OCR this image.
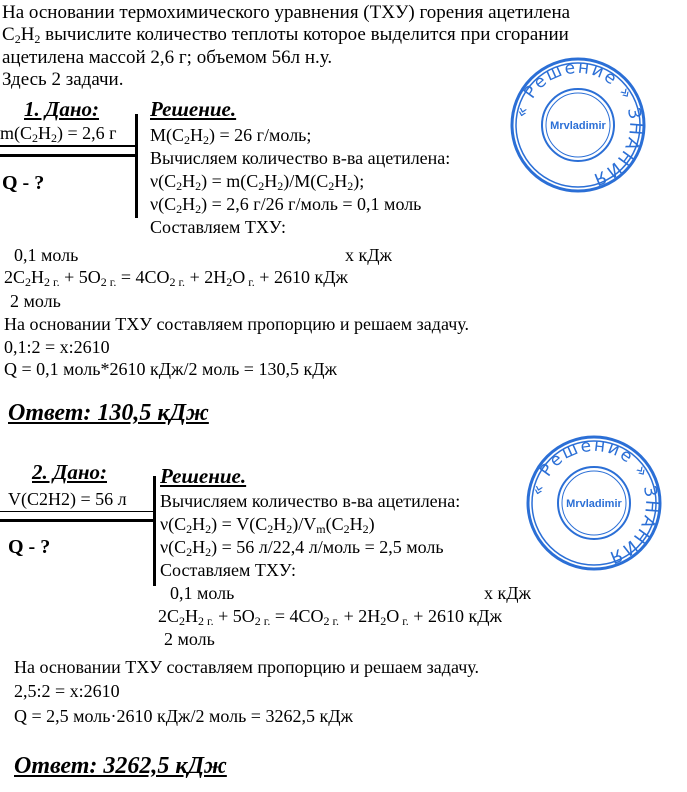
На основании термохимического уравнения (ТХУ) горения ацетилена
$C_2H_2$ вычислите количество теплоты которое выделится при сгорании
ацетилена массой 2,6 г; объемом 56л н.у.
Здесь 2 задачи.
1. Дано:
$m(C_2H_2) = 2,6$ г
Q - ?
Решение.
$M(C_2H_2) = 26$ г/моль;
Вычисляем количество в-ва ацетилена:
$\nu(C_2H_2) = m(C_2H_2)/M(C_2H_2)$;
$\nu(C_2H_2) = 2,6$ г/26 г/моль = 0,1 моль
Составляем ТХУ:
0,1 моль	x кДж
$2C_2H_{2 г.} + 5O_{2 г.} = 4CO_{2 г.} + 2H_2O$ $_{г.}$ + 2610 кДж
2 моль
На основании ТХУ составляем пропорцию и решаем задачу.
0,1:2 = x:2610
Q = 0,1 моль*2610 кДж/2 моль = 130,5 кДж
Ответ: 130,5 кДж
2. Дано:
V(C2H2) = 56 л
Q - ?
Решение.
Вычисляем количество в-ва ацетилена:
$\nu(C_2H_2) = V(C_2H_2)/V_m(C_2H_2)$
$\nu(C_2H_2) = 56$ л/22,4 л/моль = 2,5 моль
Составляем ТХУ:
0,1 моль	x кДж
$2C_2H_{2 г.} + 5O_{2 г.} = 4CO_{2 г.} + 2H_2O$ $_{г.}$ + 2610 кДж
2 моль
На основании ТХУ составляем пропорцию и решаем задачу.
2,5:2 = x:2610
Q = 2,5 моль·2610 кДж/2 моль = 3262,5 кДж
Ответ: 3262,5 кДж
« Решение » ЗНАНИЯ
Mrvladimir
« Решение » ЗНАНИЯ
Mrvladimir
